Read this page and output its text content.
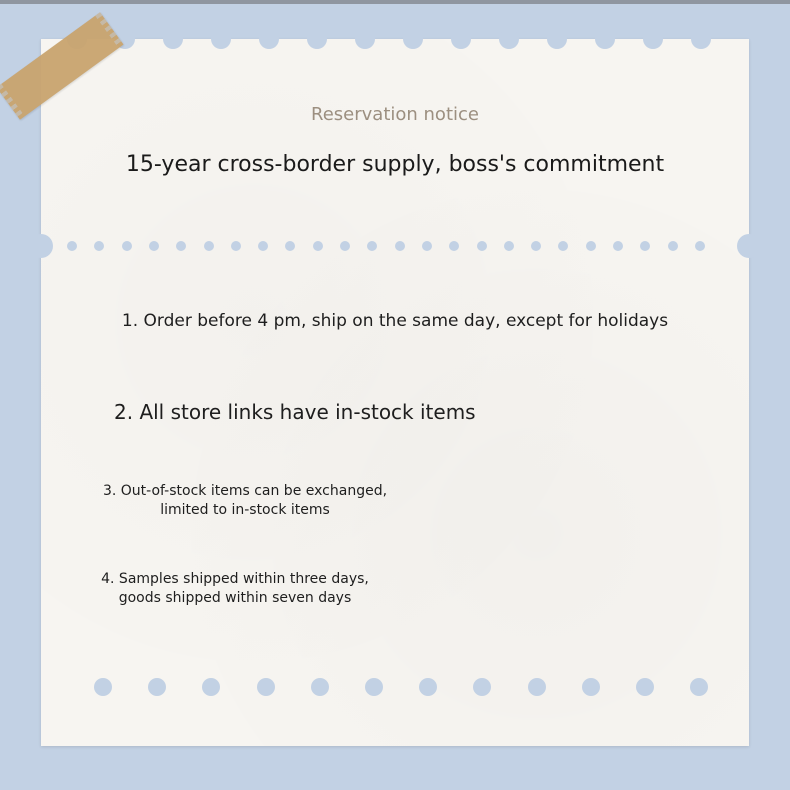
Reservation notice
15-year cross-border supply, boss's commitment
1. Order before 4 pm, ship on the same day, except for holidays
2. All store links have in-stock items
3. Out-of-stock items can be exchanged, limited to in-stock items
4. Samples shipped within three days, goods shipped within seven days
